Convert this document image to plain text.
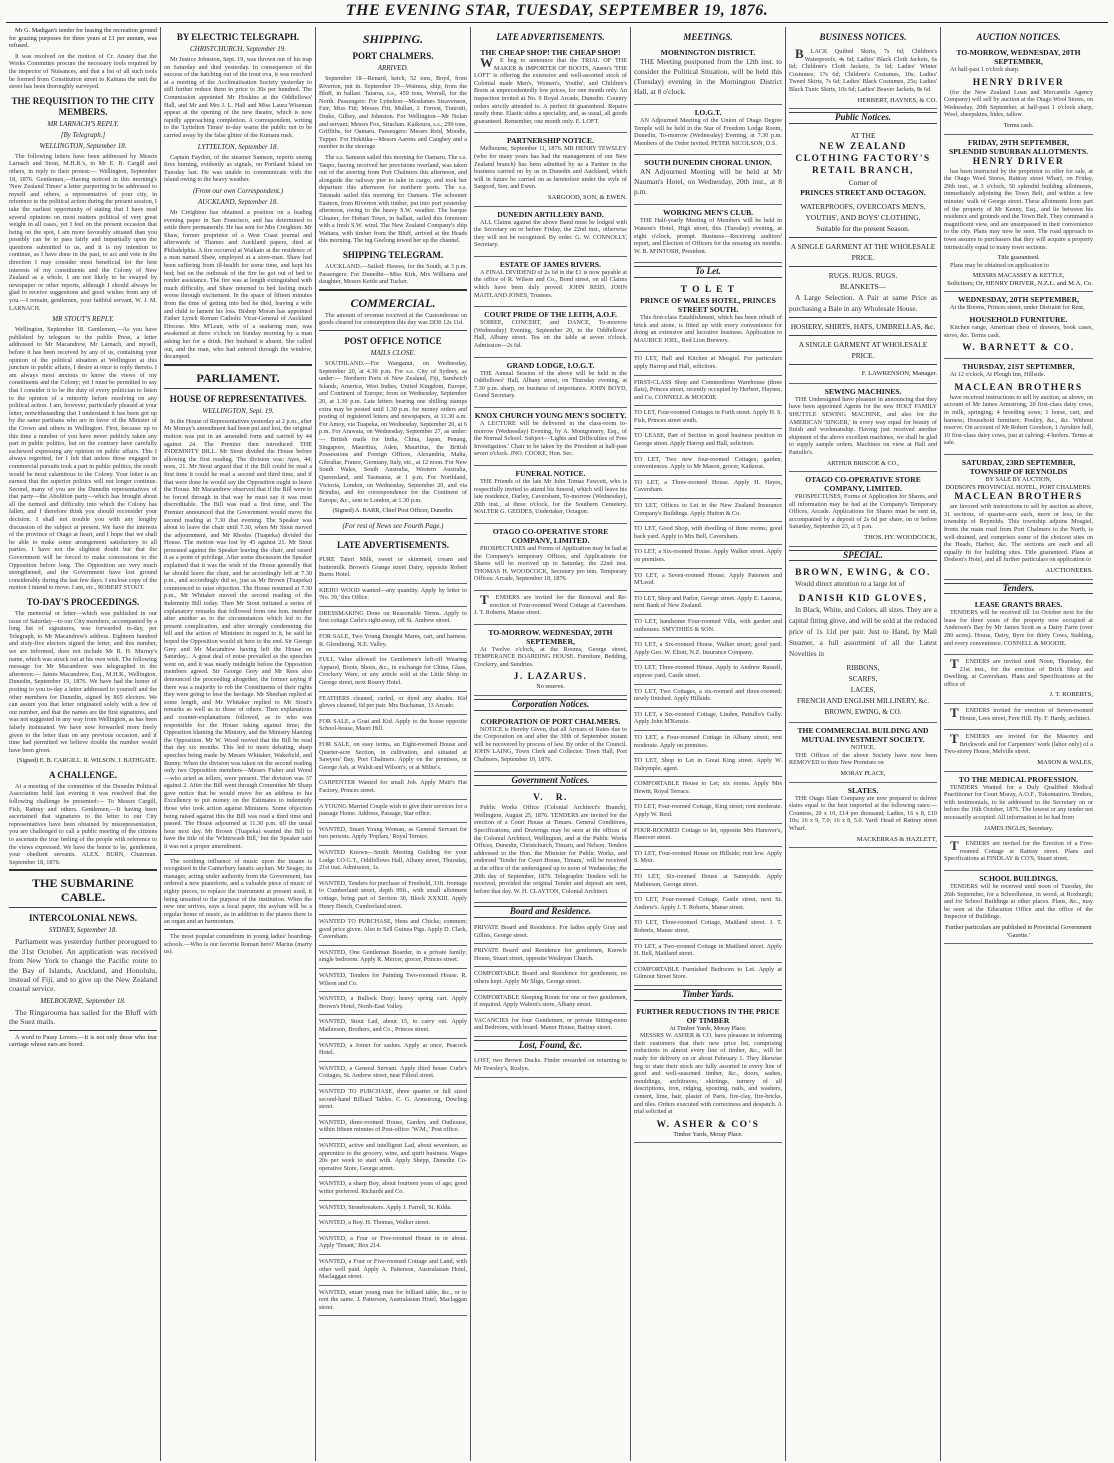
THE EVENING STAR, TUESDAY, SEPTEMBER 19, 1876.

Mr G. Madigan's tender for leasing the recreation ground for grazing purposes for three years at £1 per annum, was refused.

It was resolved on the motion of Cr. Anstey that the Works Committee procure the necessary tools required by the inspector of Nuisances, and that a list of all such tools be formed from Constitution street to Kaituna the unit the street has been thoroughly surveyed.

THE REQUISITION TO THE CITY MEMBERS.
MR LARNACH'S REPLY.
[By Telegraph.]
WELLINGTON, September 18.

The following letters have been addressed by Messrs Larnach and Stout, M.H.R.'s, to Mr E. B. Cargill and others, in reply to their protest:— Wellington, September 18, 1876. Gentlemen,—Having noticed in this morning's 'New Zealand Times' a letter purporting to be addressed to myself and others, a representative of your city, in reference to the political action during the present session, I take the earliest opportunity of stating that I have read several opinions on most matters political of very great weight in all cases, yet I feel on the present occasion that being on the spot, I am more favorably situated than you possibly can be to pass fairly and impartially upon the questions submitted to us, and it is my intention to continue, as I have done in the past, to act and vote in the direction I may consider most beneficial for the best interests of my constituents and the Colony of New Zealand as a whole. I am not likely to be swayed by newspaper or other reports, although I should always be glad to receive suggestions and good wishes from any of you.—I remain, gentlemen, your faithful servant, W. J. M. LARNACH.

MR STOUT'S REPLY.

Wellington, September 18. Gentlemen,—As you have published by telegram to the public Press, a letter addressed to Mr Macandrew, Mr Larnach, and myself, before it has been received by any of us, containing your opinion of the political situation at Wellington at this juncture in public affairs, I desire at once to reply thereto. I am always most anxious to know the views of my constituents and the Colony; yet I must be permitted to say that I consider it to be the duty of every politician to listen to the opinion of a minority before resolving on any political action. I am, however, particularly pleased at your letter, notwithstanding that I understand it has been got up by the same partisans who are in favor of the Minister of the Crown and others in Wellington. First, because up to this time a number of you have never publicly taken any part in public politics, but on the contrary have carefully eschewed expressing any opinion on public affairs. This I always regretted, for I felt that unless those engaged in commercial pursuits took a part in public politics, the result would be most calamitous to the Colony. Your letter is an earnest that the superior politics will not longer continue. Second, many of you are the Dunedin representatives of that party—the Abolition party—which has brought about all the turmoil and difficulty into which the Colony has fallen, and I therefore think you should reconsider your decision. I shall not trouble you with any lengthy discussion of the subject at present. We have the interests of the province of Otago at heart, and I hope that we shall be able to make some arrangement satisfactory to all parties. I have not the slightest doubt but that the Government will be forced to make concessions to the Opposition before long. The Opposition are very much strengthened, and the Government have lost ground considerably during the last few days. I enclose copy of the motion I intend to move. I am, etc., ROBERT STOUT.

TO-DAY'S PROCEEDINGS.

The memorial or letter—which was published in our issue of Saturday—to our City members, accompanied by a long list of signatures, was forwarded to-day, per Telegraph, to Mr Macandrew's address. Eighteen hundred and sixty-five electors signed the letter, and this number, we are informed, does not include Mr R. H. Murray's name, which was struck out at his own wish. The following message for Mr Macandrew was telegraphed in the afternoon:— James Macandrew, Esq., M.H.R., Wellington. Dunedin, September 19, 1876. We have had the honor of posting to you to-day a letter addressed to yourself and the other members for Dunedin, signed by 865 electors. We can assure you that letter originated solely with a few of our number, and that the names are the first signatures, and was not suggested in any way from Wellington, as has been falsely insinuated. We have now forwarded more freely given to the letter than on any previous occasion, and if time had permitted we believe double the number would have been given.

(Signed) E. B. CARGILL. R. WILSON. J. BATHGATE.
A CHALLENGE.

At a meeting of the committee of the Dunedin Political Association held last evening it was resolved that the following challenge be presented:— To Messrs Cargill, Fish, Rattray and others. Gentlemen,—It having been ascertained that signatures to the letter to our City representatives have been obtained by misrepresentation, you are challenged to call a public meeting of the citizens to ascertain the true feeling of the people with reference to the views expressed. We have the honor to be, gentlemen, your obedient servants. ALEX. BURN, Chairman. September 18, 1876.

THE SUBMARINE CABLE.
INTERCOLONIAL NEWS.
SYDNEY, September 18.

Parliament was yesterday further prorogued to the 31st October. An application was received from New York to change the Pacific route to the Bay of Islands, Auckland, and Honolulu, instead of Fiji, and to give up the New Zealand coastal service.

MELBOURNE, September 18.

The Ringarooma has sailed for the Bluff with the Suez mails.

A word to Fussy Lovers.—It is not only those who fear carriage whose ears are bored.

BY ELECTRIC TELEGRAPH.
CHRISTCHURCH, September 19.

Mr Justice Johnston, Sept. 19, was thrown out of his trap on Saturday and died yesterday. In consequence of the success of the hatching out of the trout ova, it was resolved at a meeting of the Acclimatisation Society yesterday to still further reduce them in price to 30s per hundred. The Commission appointed Mr Hoskins at the Oddfellows' Hall, and Mr and Mrs J. L. Hall and Miss Laura Wiseman appear at the opening of the new theatre, which is now rapidly approaching completion. A correspondent, writing to the 'Lyttelton Times' to-day warns the public not to be carried away by the false glitter of the Kumara rush.

LYTTELTON, September 18.

Captain Faydon, of the steamer Samson, reports seeing fires burning, evidently as signals, on Portland Island on Tuesday last. He was unable to communicate with the island owing to the heavy weather.

(From our own Correspondent.)
AUCKLAND, September 18.

Mr Creighton has obtained a position on a leading evening paper in San Francisco, and has determined to settle there permanently. He has sent for Mrs Creighton. Mr Shaw, former proprietor of a West Coast journal and afterwards of Thames and Auckland papers, died at Philadelphia. A fire occurred at Waikato at the residence of a man named Shaw, employed at a store-man. Shaw had been suffering from ill-health for some time, and kept his bed; but on the outbreak of the fire he got out of bed to render assistance. The fire was at length extinguished with much difficulty, and Shaw returned to bed feeling much worse through excitement. In the space of fifteen minutes from the time of getting into bed he died, leaving a wife and child to lament his loss. Bishop Moran has appointed Father Lynch Roman Catholic Vicar-General of Auckland Diocese. Mrs M'Lean, wife of a seafaring man, was awakened at three o'clock on Sunday morning by a man asking her for a drink. Her husband is absent. She called out, and the man, who had entered through the window, decamped.

PARLIAMENT.
HOUSE OF REPRESENTATIVES.
WELLINGTON, Sept. 19.

In the House of Representatives yesterday at 2 p.m., after Mr Murray's amendment had been put and lost, the original motion was put in an amended form and carried by 44 against 24. The Premier then introduced THE INDEMNITY BILL. Mr Stout divided the House before allowing the first reading. The division was: Ayes, 44; noes, 21. Mr Stout argued that if the Bill could be read a first time it could be read a second and third time, and if that were done he would say the Opposition ought to leave the House. Mr Macandrew observed that if the Bill were to be forced through in that way he must say it was most discreditable. The Bill was read a first time, and The Premier announced that the Government would move the second reading at 7.30 that evening. The Speaker was about to leave the chair until 7.30, when Mr Stout moved the adjournment, and Mr Rhodes (Tuapeka) divided the House. The motion was lost by 45 against 21. Mr Stout protested against the Speaker leaving the chair, and raised it as a point of privilege. After some discussion the Speaker explained that it was the wish of the House generally that he should leave the chair, and he accordingly left at 7.30 p.m., and accordingly did so, just as Mr Brown (Tuapeka) commenced to raise objection. The House resumed at 7.30 p.m., Mr Whitaker moved the second reading of the Indemnity Bill today. Then Mr Stout initiated a series of explanatory remarks that followed from one hon. member after another as to the circumstances which led to the present complication, and after strongly condemning the bill and the action of Ministers in regard to it, he said he hoped the Opposition would sit here to the end. Sir George Grey and Mr Macandrew having left the House on Saturday... A great deal of noise prevailed as the speeches went on, and it was nearly midnight before the Opposition members agreed. Sir George Grey and Mr Rees also denounced the proceeding altogether, the former saying if there was a majority to rob the Constituents of their rights they were going to lose the heritage. Mr Sheehan replied at some length, and Mr Whitaker replied to Mr Stout's remarks as well as to those of others. Then explanations and counter-explanations followed, as to who was responsible for the House taking against time; the Opposition blaming the Ministry, and the Ministry blaming the Opposition. Mr W. Wood moved that the Bill be read that day six months. This led to more debating, sharp speeches being made by Messrs Whitaker, Wakefield, and Bunny. When the division was taken on the second reading only two Opposition members—Messrs Fisher and Wood—who acted as tellers, were present. The division was 37 against 2. After the Bill went through Committee Mr Sharp gave notice that he would move for an address to his Excellency to put money on the Estimates to indemnify those who took action against Ministers. Some objection being raised against this the Bill was read a third time and passed. The House adjourned at 11.30 p.m. till the usual hour next day. Mr Brown (Tuapeka) wanted the Bill to have the title of the 'Whitewash Bill,' but the Speaker said it was not a proper amendment.

The soothing influence of music upon the insane is recognised in the Canterbury lunatic asylum. Mr Seager, its manager, acting under authority from the Government, has ordered a new pianoforte, and a valuable piece of music of eighty pieces, to replace the instrument at present used, it being unsuited to the purpose of the institution. When the new one arrives, says a local paper, the asylum will be a regular home of music, as in addition to the pianos there is an organ and an harmonium.

The most popular conundrum in young ladies' boarding-schools.—Who is our favorite Roman hero? Marius (marry us).

SHIPPING.
PORT CHALMERS.
ARRIVED.

September 18—Renard, ketch, 52 tons, Boyd, from Riverton, put in. September 19—Waimea, ship, from the Bluff, in ballast. Taiaroa, s.s., 459 tons, Worrall, for the North. Passengers: For Lyttelton—Mesdames Steavenson, Fair; Miss Fitt; Messrs Fitt, Mullan, J. Forrest, Tratrotti, Drake, Gilbey, and Johnston. For Wellington—Mr Nolan and servant; Messrs Fox, Strachan. Kaikoura, s.s., 299 tons, Griffiths, for Oamaru. Passengers: Messrs Reid, Moodie, Tupper. For Hokitika—Messrs Aarons and Caughey and a number in the steerage.

The s.s. Samson sailed this morning for Oamaru. The s.s. Taupo, having received her provisions overland, was taken out of the steering from Port Chalmers this afternoon, and alongside the railway pier to take in cargo, and took her departure this afternoon for northern ports. The s.s. Taranaki sailed this morning for Oamaru. The schooner Eastern, from Riverton with timber, put into port yesterday afternoon, owing to the heavy S.W. weather. The barque Gleaner, for Hobart Town, in ballast, sailed this forenoon with a fresh S.W. wind. The New Zealand Company's ship Waitara, with timber from the Bluff, arrived at the Heads this morning. The tug Geelong towed her up the channel.

SHIPPING TELEGRAM.

AUCKLAND.—Sailed: Hawea, for the South, at 3 p.m. Passengers: For Dunedin—Miss Kirk, Mrs Williams and daughter, Messrs Kettle and Tucker.

COMMERCIAL.

The amount of revenue received at the Customhouse on goods cleared for consumption this day was £830 12s 11d.

POST OFFICE NOTICE
MAILS CLOSE.

SOUTHLAND.—For Wanganui, on Wednesday, September 20, at 4.30 p.m. For s.s. City of Sydney, as under:— Northern Ports of New Zealand, Fiji, Sandwich Islands, America, West Indies, United Kingdom, Europe, and Continent of Europe; from on Wednesday, September 20, at 1.30 p.m. Late letters bearing one shilling stamps extra may be posted until 1.30 p.m. for money orders and posting of registered letters and newspapers, at 11.30 a.m. For Amoy, via Tuapeka, on Wednesday, September 20, at 6 p.m. For Arawata, on Wednesday, September 27, as under:— British mails for India, China, Japan, Penang, Singapore, Mauritius, Aden, Mauritius, the British Possessions and Foreign Offices, Alexandria, Malta, Gibraltar, France, Germany, Italy, etc., at 12 noon. For New South Wales, South Australia, Western Australia, Queensland, and Tasmania, at 1 p.m. For Northland, Victoria, London, on Wednesday, September 20, and via Brindisi, and for correspondence for the Continent of Europe, &c., sent to London, at 1.30 p.m.

(Signed) A. BARR, Chief Post Officer, Dunedin.
(For rest of News see Fourth Page.)
LATE ADVERTISEMENTS.
PURE Taieri Milk, sweet or skimmed, cream and buttermilk. Brown's Grange street Dairy, opposite Robert Burns Hotel.
KIEHO WOOD wanted—any quantity. Apply by letter to 'No. 39,' this Office.
DRESSMAKING Done on Reasonable Terms. Apply to first cottage Carle's right-away, off St. Andrew street.
FOR SALE, Two Young Draught Mares, cart, and harness. R. Glendining, N.E. Valley.
FULL Value allowed for Gentlemen's left-off Wearing Apparel, Boots, Shoes, &c., in exchange for China, Glass, Crockery Ware, or any article sold at the Little Shop in George street, next Rosery Hotel.
FEATHERS cleaned, curled, or dyed any shades. Kid gloves cleaned, 6d per pair. Mrs Buchanan, 13 Arcade.
FOR SALE, a Goat and Kid. Apply to the house opposite School-house, Maori Hill.
FOR SALE, on easy terms, an Eight-roomed House and Quarter-acre Section, in cultivation, and situated at Sawyers' Bay, Port Chalmers. Apply on the premises, or George Ash, at Walsh and Wilson's, or at Milne's.
CARPENTER Wanted for small Job. Apply Muir's Hat Factory, Princes street.
A YOUNG Married Couple wish to give their services for a passage Home. Address, Passage, Star office.
WANTED, Smart Young Woman, as General Servant for two persons. Apply 'Poplars,' Royal Terrace.
WANTED Known—Smith Meeting Guilding for your Lodge I.O.G.T., Oddfellows Hall, Albany street, Thursday, 21st inst. Admission, 1s.
WANTED, Tenders for purchase of Freehold, 33ft. frontage to Cumberland street, depth 99ft., with small allotment cottage, being part of Section 30, Block XXXIII. Apply Henry Dench, Cumberland street.
WANTED TO PURCHASE, Hens and Chicks; common; good price given. Also to Sell Guinea Pigs. Apply D. Clark, Caversham.
WANTED, One Gentleman Boarder, in a private family; single bedroom. Apply R. Mercer, grocer, Princes street.
WANTED, Tenders for Painting Two-roomed House. R. Wilson and Co.
WANTED, a Bullock Dray; heavy spring cart. Apply Brown's Hotel, North-East Valley.
WANTED, Stout Lad, about 15, to carry out. Apply Mathieson, Brothers, and Co., Princes street.
WANTED, a Joiner for sashes. Apply at once, Peacock Hotel.
WANTED, a General Servant. Apply third house Curle's Cottages, St. Andrew street, near Filleul street.
WANTED TO PURCHASE, three quarter or full sized second-hand Billiard Tables. C. G. Armstrong, Dowling street.
WANTED, three-roomed House, Garden, and Outhouse, within fifteen minutes of Post-office. 'W.M.,' Post office.
WANTED, active and intelligent Lad, about seventeen, as apprentice to the grocery, wine, and spirit business. Wages 20s per week to start with. Apply Shepp, Dunedin Co-operative Store, George street.
WANTED, a sharp Boy, about fourteen years of age; good writer preferred. Richards and Co.
WANTED, Stonebreakers. Apply J. Farrell, St. Kilda.
WANTED, a Boy. H. Thomas, Walker street.
WANTED, a Four or Five-roomed House in or about. Apply 'Tenant,' Box 214.
WANTED, a Four or Five-roomed Cottage and Land, with other well paid. Apply A. Patterson, Australasian Hotel, Maclaggan street.
WANTED, smart young man for billiard table, &c., or to rent the same. J. Patterson, Australasian Hotel, Maclaggan street.
LATE ADVERTISEMENTS.
THE CHEAP SHOP! THE CHEAP SHOP!

WE beg to announce that the TRIAL OF THE MAKER & IMPORTER OF BOOTS, Anson's 'THE LOFT' is offering the extensive and well-assorted stock of Colonial made Men's, Women's, Youths', and Children's Boots at unprecedentedly low prices, for one month only. An inspection invited at No. 9 Royal Arcade, Dunedin. Country orders strictly attended to. A perfect fit guaranteed. Repairs neatly done. Elastic sides a speciality, and, as usual, all goods guaranteed. Remember, one month only. E. LOFT.

PARTNERSHIP NOTICE.

Melbourne, September 11, 1876. MR HENRY TEWSLEY (who for many years has had the management of our New Zealand branch) has been admitted by us a Partner in the business carried on by us in Dunedin and Auckland, which will in future be carried on as heretofore under the style of Sargood, Son, and Ewen.

SARGOOD, SON, & EWEN.
DUNEDIN ARTILLERY BAND.

ALL Claims against the above Band must be lodged with the Secretary on or before Friday, the 22nd inst., otherwise they will not be recognised. By order. G. W. CONNOLLY, Secretary.

ESTATE OF JAMES RIVERS.

A FINAL DIVIDEND of 2s 6d in the £1 is now payable at the office of R. Wilson and Co., Bond street, on all Claims which have been duly proved. JOHN REID, JOHN MAITLAND JONES, Trustees.

COURT PRIDE OF THE LEITH, A.O.F.

SOIREE, CONCERT, and DANCE, To-morrow (Wednesday) Evening, September 20, in the Oddfellows' Hall, Albany street. Tea on the table at seven o'clock. Admission—2s 6d.

GRAND LODGE, I.O.G.T.

THE Annual Session of the above will be held in the Oddfellows' Hall, Albany street, on Thursday evening, at 7.30 p.m. sharp, on business of importance. JOHN BOYD, Grand Secretary.

KNOX CHURCH YOUNG MEN'S SOCIETY.

A LECTURE will be delivered in the class-room to-morrow (Wednesday) Evening, by A. Montgomery, Esq., of the Normal School. Subject—'Lights and Difficulties of Free Investigation.' Chair to be taken by the President at half-past seven o'clock. JNO. COOKE, Hon. Sec.

FUNERAL NOTICE.

THE Friends of the late Mr John Tomas Fawcett, who is respectfully invited to attend his funeral, which will leave his late residence, Darley, Caversham, To-morrow (Wednesday), 20th inst., at three o'clock, for the Southern Cemetery. WALTER G. GEDDES, Undertaker, Octagon.

OTAGO CO-OPERATIVE STORE COMPANY, LIMITED.

PROSPECTUSES and Forms of Application may be had at the Company's temporary Offices, and Applications for Shares will be received up to Saturday, the 22nd inst. THOMAS H. WOODCOCK, Secretary pro tem. Temporary Offices: Arcade, September 18, 1876.

TENDERS are invited for the Removal and Re-erection of Four-roomed Wood Cottage at Caversham. J. T. Roberts, Manse street.

TO-MORROW. WEDNESDAY, 20TH SEPTEMBER,

At Twelve o'clock, at the Rooms, George street, TEMPERANCE BOARDING HOUSE. Furniture, Bedding, Crockery, and Sundries.

J. LAZARUS.
No reserve.
Corporation Notices.
CORPORATION OF PORT CHALMERS.

NOTICE is Hereby Given, that all Arrears of Rates due to the Corporation on and after the 30th of September instant will be recovered by process of law. By order of the Council. JOHN LAING, Town Clerk and Collector. Town Hall, Port Chalmers, September 19, 1876.

Government Notices.
V.   R.

Public Works Office (Colonial Architect's Branch), Wellington, August 25, 1876. TENDERS are invited for the erection of a Court House at Timaru. General Conditions, Specifications, and Drawings may be seen at the offices of the Colonial Architect, Wellington, and at the Public Works Offices, Dunedin, Christchurch, Timaru, and Nelson. Tenders addressed to the Hon. the Minister for Public Works, and endorsed 'Tender for Court House, Timaru,' will be received at the office of the undersigned up to noon of Wednesday, the 20th day of September, 1876. Telegraphic Tenders will be received, provided the original Tender and deposit are sent, before that day. W. H. CLAYTON, Colonial Architect.

Board and Residence.
PRIVATE Board and Residence. For ladies apply Gray and Gillies, George street.
PRIVATE Board and Residence for gentlemen, Knowle House, Stuart street, opposite Wesleyan Church.
COMFORTABLE Board and Residence for gentlemen; no others kept. Apply Mr Sligo, George street.
COMFORTABLE Sleeping Room for one or two gentlemen, if required. Apply Walton's store, Albany street.
VACANCIES for four Gentlemen, or private Sitting-room and Bedroom, with board. Manor House, Battray street.
Lost, Found, &c.
LOST, two Brown Ducks. Finder rewarded on returning to Mr Tewsley's, Roslyn.
MEETINGS.
MORNINGTON DISTRICT.

THE Meeting postponed from the 12th inst. to consider the Political Situation, will be held this (Tuesday) evening in the Mornington District Hall, at 8 o'clock.

I.O.G.T.

AN Adjourned Meeting of the Union of Otago Degree Temple will be held in the Star of Freedom Lodge Room, Dunedin, To-morrow (Wednesday) Evening, at 7.30 p.m. Members of the Order invited. PETER NICOLSON, D.S.

SOUTH DUNEDIN CHORAL UNION.

AN Adjourned Meeting will be held at Mr Nauman's Hotel, on Wednesday, 20th inst., at 8 p.m.

WORKING MEN'S CLUB.

THE Half-yearly Meeting of Members will be held in Watson's Hotel, High street, this (Tuesday) evening, at eight o'clock, prompt. Business—Receiving auditors' report, and Election of Officers for the ensuing six months. W. B. M'INTOSH, President.

To Let.
T O L E T
PRINCE OF WALES HOTEL, PRINCES STREET SOUTH.

This first-class Establishment, which has been rebuilt of brick and stone, is fitted up with every convenience for doing an extensive and lucrative business. Application to MAURICE JOEL, Red Lion Brewery.

TO LET, Hall and Kitchen at Mosgiel. For particulars apply Harrop and Hall, solicitors.
FIRST-CLASS Shop and Commodious Warehouse (three flats), Princes street, recently occupied by Herbert, Haynes, and Co. CONNELL & MOODIE.
TO LET, Four-roomed Cottages in Forth street. Apply H. S. Fish, Princes street south.
TO LEASE, Part of Section in good business position in George street. Apply Harrop and Hall, solicitors.
TO LET, Two new four-roomed Cottages; garden, conveniences. Apply to Mr Mason, grocer, Kaikorai.
TO LET, a Three-roomed House. Apply H. Hayes, Caversham.
TO LET, Offices to Let in the New Zealand Insurance Company's Buildings. Apply Hutton & Co.
TO LET, Good Shop, with dwelling of three rooms; good back yard. Apply to Mrs Bell, Caversham.
TO LET, a Six-roomed House. Apply Walker street. Apply on premises.
TO LET, a Seven-roomed House. Apply Paterson and M'Leod.
TO LET, Shop and Parlor, George street. Apply E. Lazarus, next Bank of New Zealand.
TO LET, handsome Four-roomed Villa, with garden and outhouses. SMYTHIES & SON.
TO LET, a Six-roomed House, Walker street; good yard. Apply Geo. W. Eliott, N.Z. Insurance Company.
TO LET, Three-roomed House. Apply to Andrew Russell, express yard, Castle street.
TO LET, Two Cottages, a six-roomed and three-roomed; newly finished. Apply Hillside.
TO LET, a Six-roomed Cottage, Linden, Pattullo's Gully. Apply John M'Kenzie.
TO LET, a Four-roomed Cottage in Albany street; rent moderate. Apply on premises.
TO LET, Shop to Let in Great King street. Apply W. Dalrymple, agent.
COMFORTABLE House to Let; six rooms. Apply Mrs Hewitt, Royal Terrace.
TO LET, Four-roomed Cottage, King street; rent moderate. Apply W. Reid.
FOUR-ROOMED Cottage to let, opposite Mrs Hanover's, Hanover street.
TO LET, Four-roomed House on Hillside; rent low. Apply S. Moir.
TO LET, Six-roomed House at Sunnyside. Apply Mathieson, George street.
TO LET, Four-roomed Cottage, Castle street, next St. Andrew's. Apply J. T. Roberts, Manse street.
TO LET, Three-roomed Cottage, Maitland street. J. T. Roberts, Manse street.
TO LET, a Two-roomed Cottage in Maitland street. Apply H. Bell, Maitland street.
COMFORTABLE Furnished Bedroom to Let. Apply at Gilmour Street Store.
Timber Yards.
FURTHER REDUCTIONS IN THE PRICE OF TIMBER
At Timber Yards, Moray Place.

MESSRS W. ASHER & CO. have pleasure in informing their customers that their new price list, comprising reductions in almost every line of timber, &c., will be ready for delivery on or about February 1. They likewise beg to state their stock are fully assorted in every line of good and well-seasoned timber, &c., doors, sashes, mouldings, architraves, skirtings, turnery of all descriptions, iron, ridging, spouting, nails, and washers, cement, lime, hair, plaster of Paris, fire-clay, fire-bricks, and tiles. Orders executed with correctness and despatch. A trial solicited at

W. ASHER & CO'S
Timber Yards, Moray Place.
BUSINESS NOTICES.

BLACK Quilted Skirts, 7s 6d; Children's Waterproofs, 4s 6d; Ladies' Black Cloth Jackets, 6s 6d; Children's Cloth Jackets, 3s 6d; Ladies' Winter Costumes, 17s 6d; Children's Costumes, 10s; Ladies' Tweed Skirts, 7s 6d; Ladies' Black Costumes, 25s; Ladies' Black Tunic Skirts, 10s 6d; Ladies' Beaver Jackets, 8s 6d.

HERBERT, HAYNES, & CO.
Public Notices.
AT THE
NEW ZEALAND CLOTHING FACTORY'S
RETAIL BRANCH,
Corner of
PRINCES STREET AND OCTAGON.
WATERPROOFS, OVERCOATS MEN'S, YOUTHS', AND BOYS' CLOTHING,
Suitable for the present Season.
A SINGLE GARMENT AT THE WHOLESALE PRICE.
RUGS. RUGS. RUGS.
BLANKETS—

A Large Selection. A Pair at same Price as purchasing a Bale in any Wholesale House.

HOSIERY, SHIRTS, HATS, UMBRELLAS, &c.
A SINGLE GARMENT AT WHOLESALE PRICE.
F. LAWRENSON, Manager.
SEWING MACHINES.

THE Undersigned have pleasure in announcing that they have been appointed Agents for the new HOLT FAMILY SHUTTLE SEWING MACHINE, and also for the AMERICAN 'SINGER,' in every way equal for beauty of finish and workmanship. Having just received another shipment of the above excellent machines, we shall be glad to supply sample orders. Machines on view at Hall and Pattullo's.

ARTHUR BRISCOE & CO.,
OTAGO CO-OPERATIVE STORE COMPANY, LIMITED.

PROSPECTUSES, Forms of Application for Shares, and all information may be had at the Company's Temporary Offices, Arcade. Applications for Shares must be sent in, accompanied by a deposit of 2s 6d per share, on or before Saturday, September 23, at 5 p.m.

THOS. HY. WOODCOCK,
SPECIAL.
BROWN, EWING, & CO.

Would direct attention to a large lot of

DANISH KID GLOVES,

In Black, White, and Colors, all sizes. They are a capital fitting glove, and will be sold at the reduced price of 1s 11d per pair. Just to Hand, by Mail Steamer, a full assortment of all the Latest Novelties in

RIBBONS,
SCARFS,
LACES,
FRENCH AND ENGLISH MILLINERY, &c.
BROWN, EWING, & CO.
THE COMMERCIAL BUILDING AND MUTUAL INVESTMENT SOCIETY.
NOTICE.

THE Offices of the above Society have now been REMOVED to their New Premises on

MORAY PLACE,
SLATES.

THE Otago Slate Company are now prepared to deliver slates equal to the best imported at the following rates:— Countess, 20 x 10, £14 per thousand; Ladies, 16 x 8, £10 10s; 16 x 9, 7.0; 16 x 8, 5.0. Yard: Head of Rattray street Wharf.

MACKERRAS & HAZLETT,
AUCTION NOTICES.
TO-MORROW, WEDNESDAY, 20TH SEPTEMBER,

At half-past 1 o'clock sharp.

HENRY DRIVER

(for the New Zealand Loan and Mercantile Agency Company) will sell by auction at the Otago Wool Stores, on Wednesday, 20th September, at half-past 1 o'clock sharp, Wool, sheepskins, hides, tallow.

Terms cash.
FRIDAY, 29TH SEPTEMBER,
SPLENDID SUBURBAN ALLOTMENTS.
HENRY DRIVER

has been instructed by the proprietor to offer for sale, at the Otago Wool Stores, Rattray street Wharf, on Friday, 29th inst., at 3 o'clock, 50 splendid building allotments, immediately adjoining the Town Belt, and within a few minutes' walk of George street. These allotments form part of the property of Mr Kenny, Esq., and lie between his residence and grounds and the Town Belt. They command a magnificent view, and are unsurpassed in their convenience to the city. Plans may now be seen. The road approach to town assures to purchasers that they will acquire a property intrinsically equal to many town sections.

Title guaranteed.

Plans may be obtained on application to

MESSRS MACASSEY & KETTLE,
Solicitors; Or, HENRY DRIVER, N.Z.L. and M.A. Co.
WEDNESDAY, 20TH SEPTEMBER,

At the Rooms, Princes street, under Distraint for Rent,

HOUSEHOLD FURNITURE.

Kitchen range, American chest of drawers, book cases, stove, &c. Terms cash.

W. BARNETT & CO.
THURSDAY, 21ST SEPTEMBER,

At 12 o'clock, At Plough Inn, Hillside.

MACLEAN BROTHERS

have received instructions to sell by auction, as above, on account of Mr James Armstrong, 20 first-class dairy cows, in milk, springing; 4 breeding sows; 1 horse, cart, and harness; Household furniture; Poultry, &c., &c. Without reserve. On account of Mr Robert Goodson, 1 Ayrshire bull, 10 first-class dairy cows, just at calving; 4 heifers. Terms at sale.

SATURDAY, 23RD SEPTEMBER,
TOWNSHIP OF REYNOLDS
BY SALE BY AUCTION,
DODSON'S PROVINCIAL HOTEL, PORT CHALMERS.
MACLEAN BROTHERS

are favored with instructions to sell by auction as above, 31 sections, of quarter-acre each, more or less, in the township of Reynolds. This township adjoins Mosgiel, fronts the main road from Port Chalmers to the North, is well-drained, and comprises some of the choicest sites on the Heads, Harbor, &c. The sections are each and all equally fit for building sites. Title guaranteed. Plans at Dodson's Hotel, and all further particulars on application to

AUCTIONEERS.
Tenders.
LEASE GRANTS BRAES.

TENDERS will be received till 1st October next for the lease for three years of the property now occupied at Anderson's Bay by Mr James Scott as a Dairy Farm (over 280 acres). House, Dairy, Byre for thirty Cows, Stabling, and every convenience. CONNELL & MOODIE.

TENDERS are invited until Noon, Thursday, the 21st inst., for the erection of Brick Shop and Dwelling, at Caversham. Plans and Specifications at the office of

J. T. ROBERTS,

TENDERS invited for erection of Seven-roomed House, Lees street, Fern Hill. Hy. F. Hardy, architect.

TENDERS are invited for the Masonry and Brickwork and for Carpenters' work (labor only) of a Two-storey House, Melville street.

MASON & WALES,
TO THE MEDICAL PROFESSION.

TENDERS Wanted for a Duly Qualified Medical Practitioner for Court Moray, A.O.F., Tokomairiro. Tenders, with testimonials, to be addressed to the Secretary on or before the 16th October, 1876. The lowest or any tender not necessarily accepted. All information to be had from

JAMES INGLIS, Secretary.

TENDERS are invited for the Erection of a Five-roomed Cottage at Rattray street. Plans and Specifications at FINDLAY & CO'S, Stuart street.

SCHOOL BUILDINGS.

TENDERS will be received until noon of Tuesday, the 26th September, for a Schoolhouse, in wood, at Roxburgh; and for School Buildings at other places. Plans, &c., may be seen at the Education Office and the office of the Inspector of Buildings.

Further particulars are published in Provincial Government 'Gazette.'
